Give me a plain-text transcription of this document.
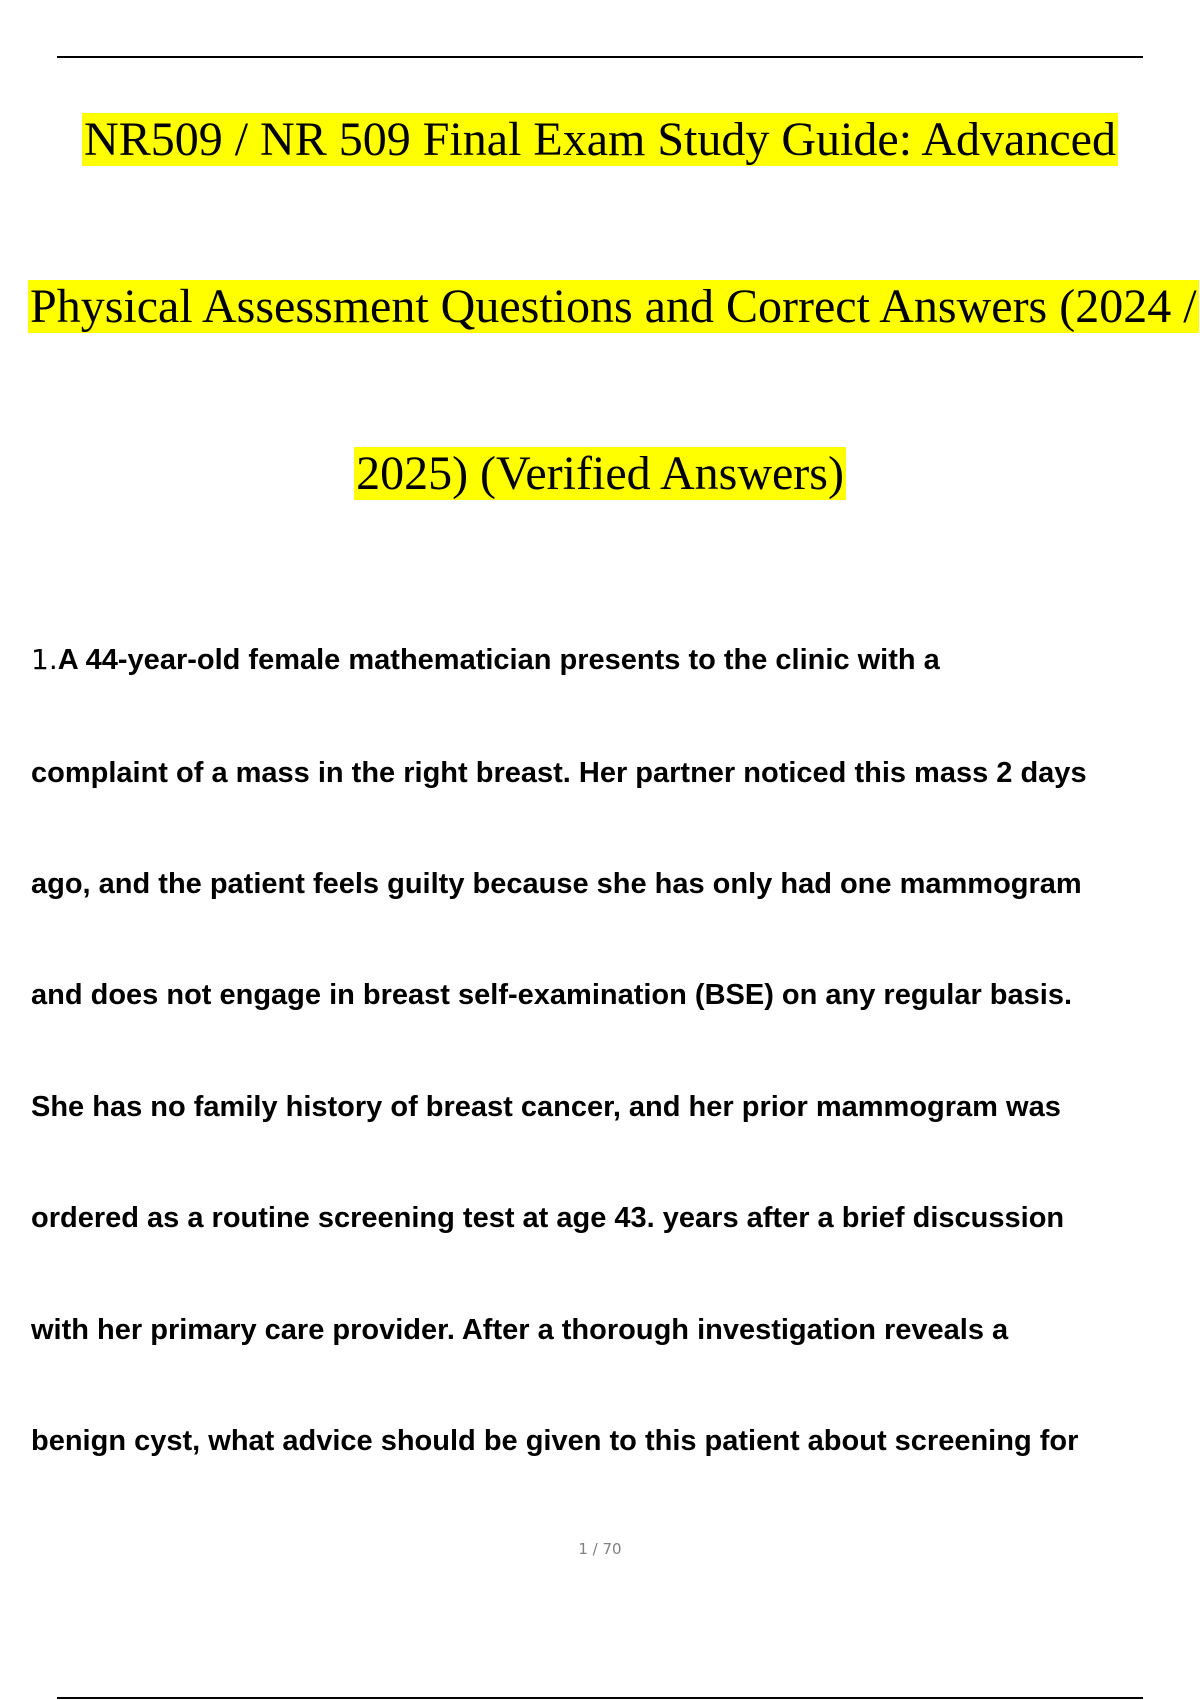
NR509 / NR 509 Final Exam Study Guide: Advanced
Physical Assessment Questions and Correct Answers (2024 /
2025) (Verified Answers)
1.A 44-year-old female mathematician presents to the clinic with a
complaint of a mass in the right breast. Her partner noticed this mass 2 days
ago, and the patient feels guilty because she has only had one mammogram
and does not engage in breast self-examination (BSE) on any regular basis.
She has no family history of breast cancer, and her prior mammogram was
ordered as a routine screening test at age 43. years after a brief discussion
with her primary care provider. After a thorough investigation reveals a
benign cyst, what advice should be given to this patient about screening for
1 / 70
